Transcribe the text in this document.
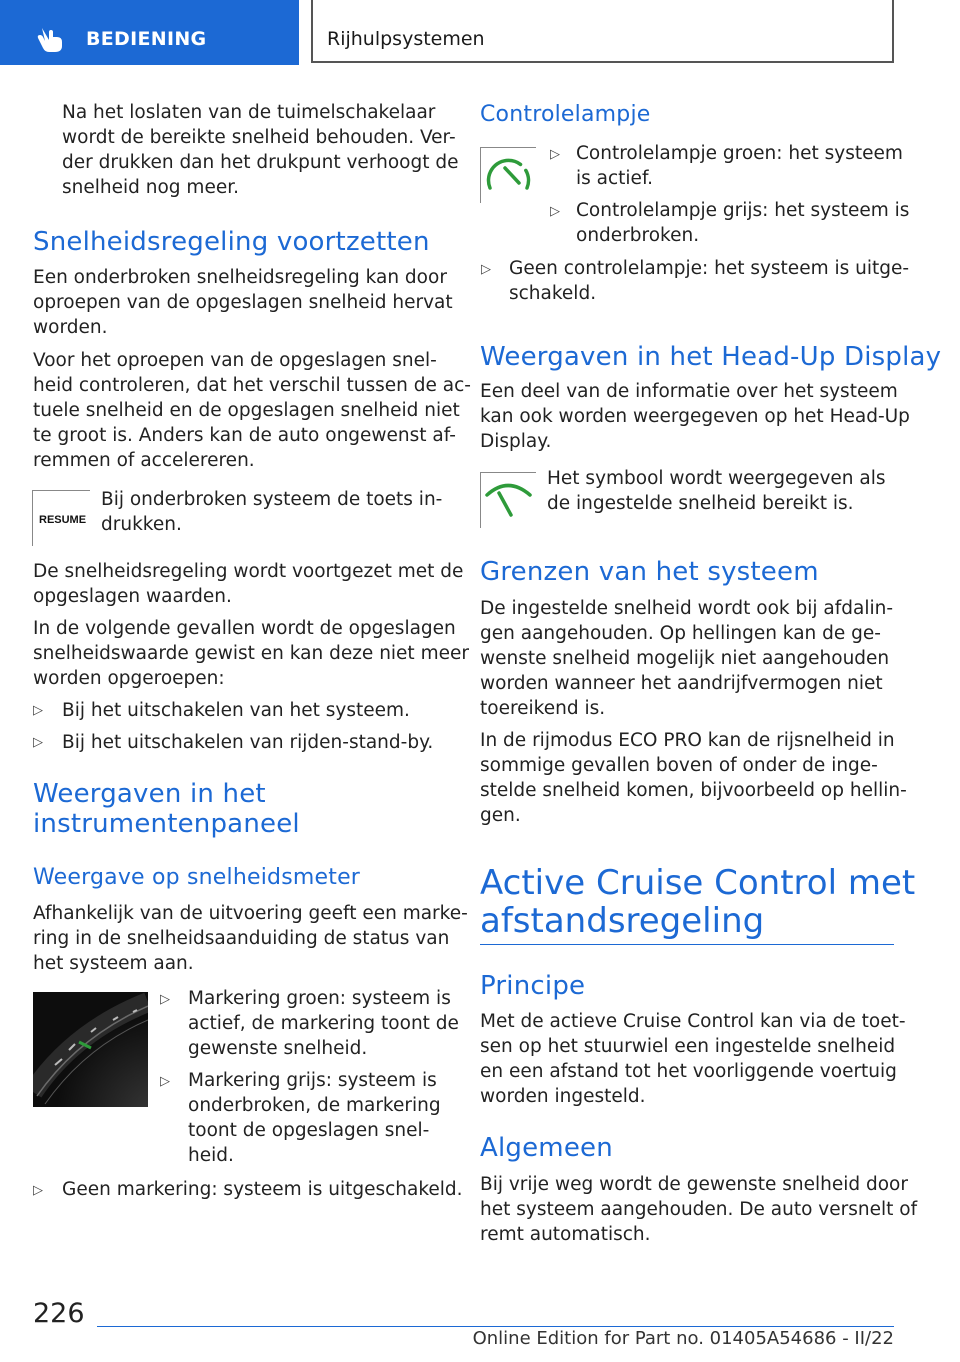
BEDIENING	Rijhulpsystemen
Na het loslaten van de tuimelschakelaar
wordt de bereikte snelheid behouden. Ver-
der drukken dan het drukpunt verhoogt de
snelheid nog meer.
Snelheidsregeling voortzetten
Een onderbroken snelheidsregeling kan door
oproepen van de opgeslagen snelheid hervat
worden.
Voor het oproepen van de opgeslagen snel-
heid controleren, dat het verschil tussen de ac-
tuele snelheid en de opgeslagen snelheid niet
te groot is. Anders kan de auto ongewenst af-
remmen of accelereren.
RESUME
Bij onderbroken systeem de toets in-
drukken.
De snelheidsregeling wordt voortgezet met de
opgeslagen waarden.
In de volgende gevallen wordt de opgeslagen
snelheidswaarde gewist en kan deze niet meer
worden opgeroepen:
▷ Bij het uitschakelen van het systeem.
▷ Bij het uitschakelen van rijden-stand-by.
Weergaven in het
instrumentenpaneel
Weergave op snelheidsmeter
Afhankelijk van de uitvoering geeft een marke-
ring in de snelheidsaanduiding de status van
het systeem aan.
▷ Markering groen: systeem is
actief, de markering toont de
gewenste snelheid.
▷ Markering grijs: systeem is
onderbroken, de markering
toont de opgeslagen snel-
heid.
▷ Geen markering: systeem is uitgeschakeld.
Controlelampje
▷ Controlelampje groen: het systeem
is actief.
▷ Controlelampje grijs: het systeem is
onderbroken.
▷ Geen controlelampje: het systeem is uitge-
schakeld.
Weergaven in het Head-Up Display
Een deel van de informatie over het systeem
kan ook worden weergegeven op het Head-Up
Display.
Het symbool wordt weergegeven als
de ingestelde snelheid bereikt is.
Grenzen van het systeem
De ingestelde snelheid wordt ook bij afdalin-
gen aangehouden. Op hellingen kan de ge-
wenste snelheid mogelijk niet aangehouden
worden wanneer het aandrijfvermogen niet
toereikend is.
In de rijmodus ECO PRO kan de rijsnelheid in
sommige gevallen boven of onder de inge-
stelde snelheid komen, bijvoorbeeld op hellin-
gen.
Active Cruise Control met
afstandsregeling
Principe
Met de actieve Cruise Control kan via de toet-
sen op het stuurwiel een ingestelde snelheid
en een afstand tot het voorliggende voertuig
worden ingesteld.
Algemeen
Bij vrije weg wordt de gewenste snelheid door
het systeem aangehouden. De auto versnelt of
remt automatisch.
226
Online Edition for Part no. 01405A54686 - II/22
